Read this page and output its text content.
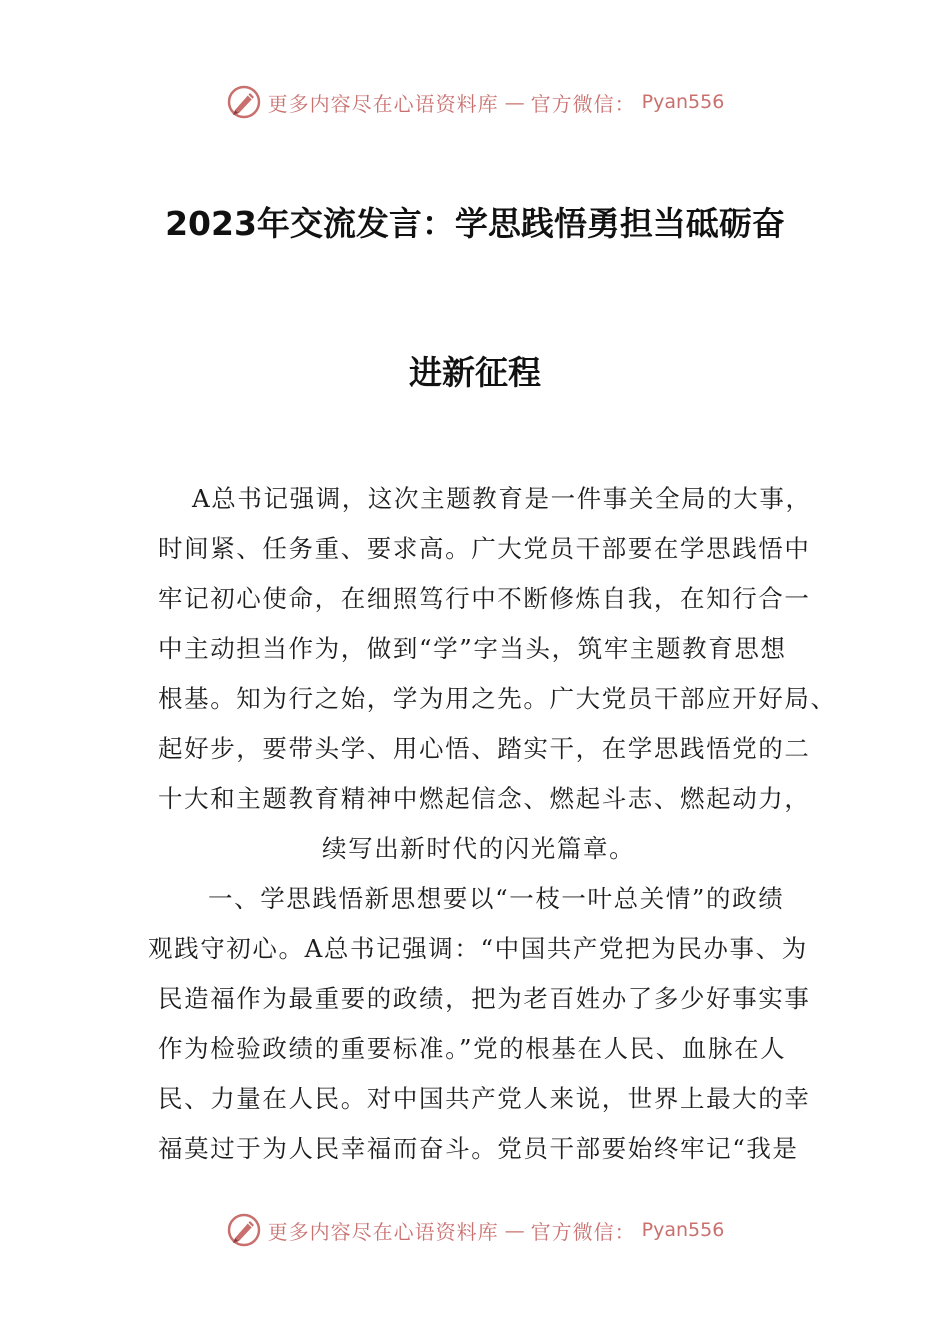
更多内容尽在心语资料库 — 官方微信： Pyan556
2023年交流发言：学思践悟勇担当砥砺奋
进新征程
A总书记强调，这次主题教育是一件事关全局的大事，
时间紧、任务重、要求高。广大党员干部要在学思践悟中
牢记初心使命，在细照笃行中不断修炼自我，在知行合一
中主动担当作为，做到“学”字当头，筑牢主题教育思想
根基。知为行之始，学为用之先。广大党员干部应开好局、
起好步，要带头学、用心悟、踏实干，在学思践悟党的二
十大和主题教育精神中燃起信念、燃起斗志、燃起动力，
续写出新时代的闪光篇章。
一、学思践悟新思想要以“一枝一叶总关情”的政绩
观践守初心。A总书记强调：“中国共产党把为民办事、为
民造福作为最重要的政绩，把为老百姓办了多少好事实事
作为检验政绩的重要标准。”党的根基在人民、血脉在人
民、力量在人民。对中国共产党人来说，世界上最大的幸
福莫过于为人民幸福而奋斗。党员干部要始终牢记“我是
更多内容尽在心语资料库 — 官方微信： Pyan556
